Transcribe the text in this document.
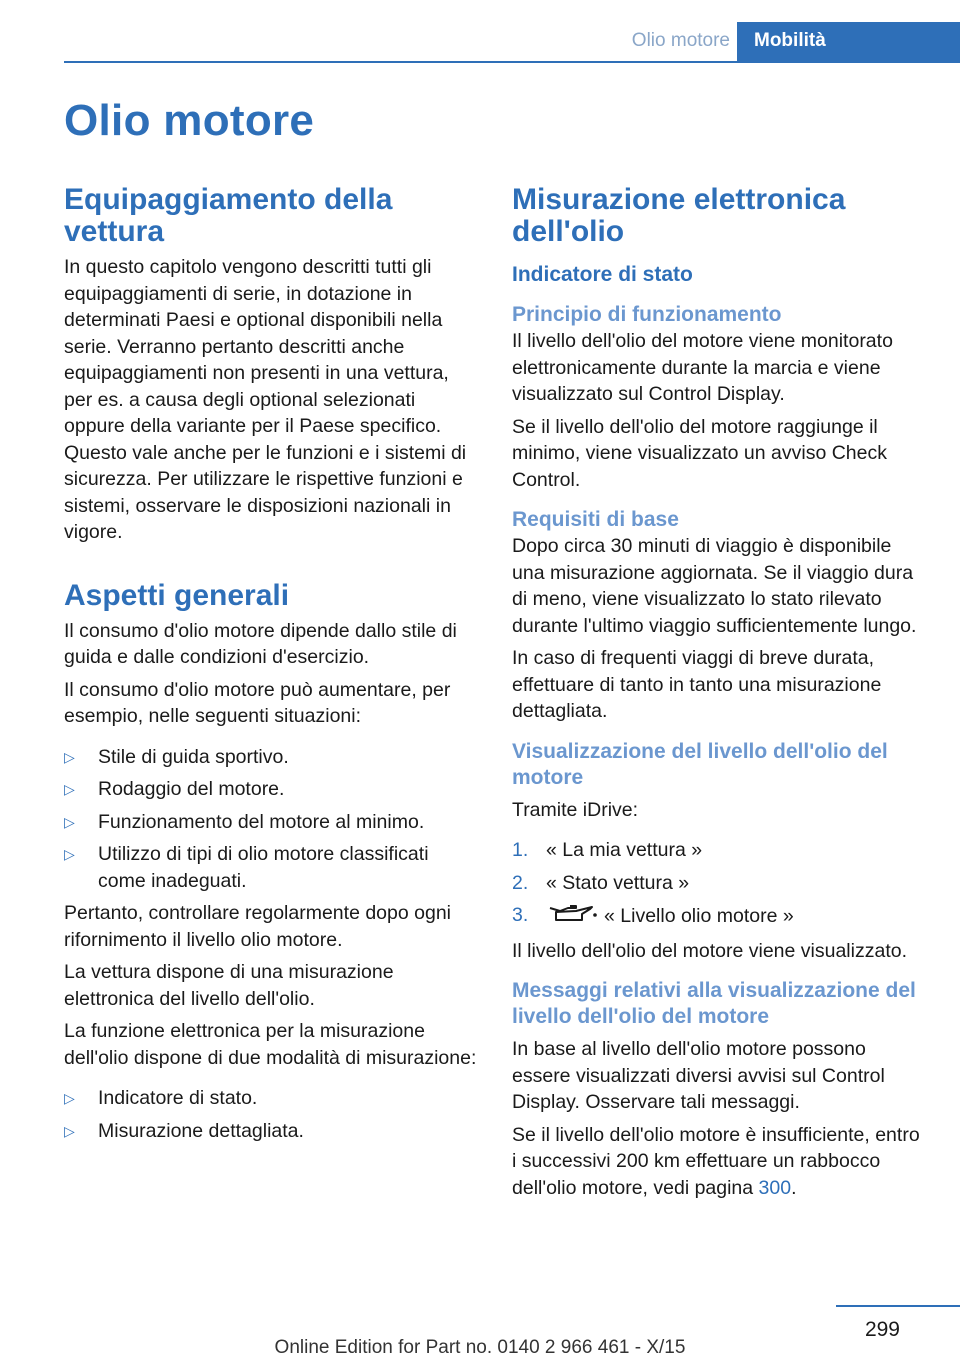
Olio motore	Mobilità
Olio motore
Equipaggiamento della vettura

In questo capitolo vengono descritti tutti gli equipaggiamenti di serie, in dotazione in determinati Paesi e optional disponibili nella serie. Verranno pertanto descritti anche equipaggiamenti non presenti in una vettura, per es. a causa degli optional selezionati oppure della variante per il Paese specifico. Questo vale anche per le funzioni e i sistemi di sicurezza. Per utilizzare le rispettive funzioni e sistemi, osservare le disposizioni nazionali in vigore.

Aspetti generali

Il consumo d'olio motore dipende dallo stile di guida e dalle condizioni d'esercizio.

Il consumo d'olio motore può aumentare, per esempio, nelle seguenti situazioni:

▷ Stile di guida sportivo.
▷ Rodaggio del motore.
▷ Funzionamento del motore al minimo.
▷ Utilizzo di tipi di olio motore classificati come inadeguati.

Pertanto, controllare regolarmente dopo ogni rifornimento il livello olio motore.

La vettura dispone di una misurazione elettronica del livello dell'olio.

La funzione elettronica per la misurazione dell'olio dispone di due modalità di misurazione:

▷ Indicatore di stato.
▷ Misurazione dettagliata.
Misurazione elettronica dell'olio
Indicatore di stato
Principio di funzionamento

Il livello dell'olio del motore viene monitorato elettronicamente durante la marcia e viene visualizzato sul Control Display.

Se il livello dell'olio del motore raggiunge il minimo, viene visualizzato un avviso Check Control.

Requisiti di base

Dopo circa 30 minuti di viaggio è disponibile una misurazione aggiornata. Se il viaggio dura di meno, viene visualizzato lo stato rilevato durante l'ultimo viaggio sufficientemente lungo.

In caso di frequenti viaggi di breve durata, effettuare di tanto in tanto una misurazione dettagliata.

Visualizzazione del livello dell'olio del motore

Tramite iDrive:

1. « La mia vettura »
2. « Stato vettura »
3.	« Livello olio motore »

Il livello dell'olio del motore viene visualizzato.

Messaggi relativi alla visualizzazione del livello dell'olio del motore

In base al livello dell'olio motore possono essere visualizzati diversi avvisi sul Control Display. Osservare tali messaggi.

Se il livello dell'olio motore è insufficiente, entro i successivi 200 km effettuare un rabbocco dell'olio motore, vedi pagina 300.

299
Online Edition for Part no. 0140 2 966 461 - X/15
